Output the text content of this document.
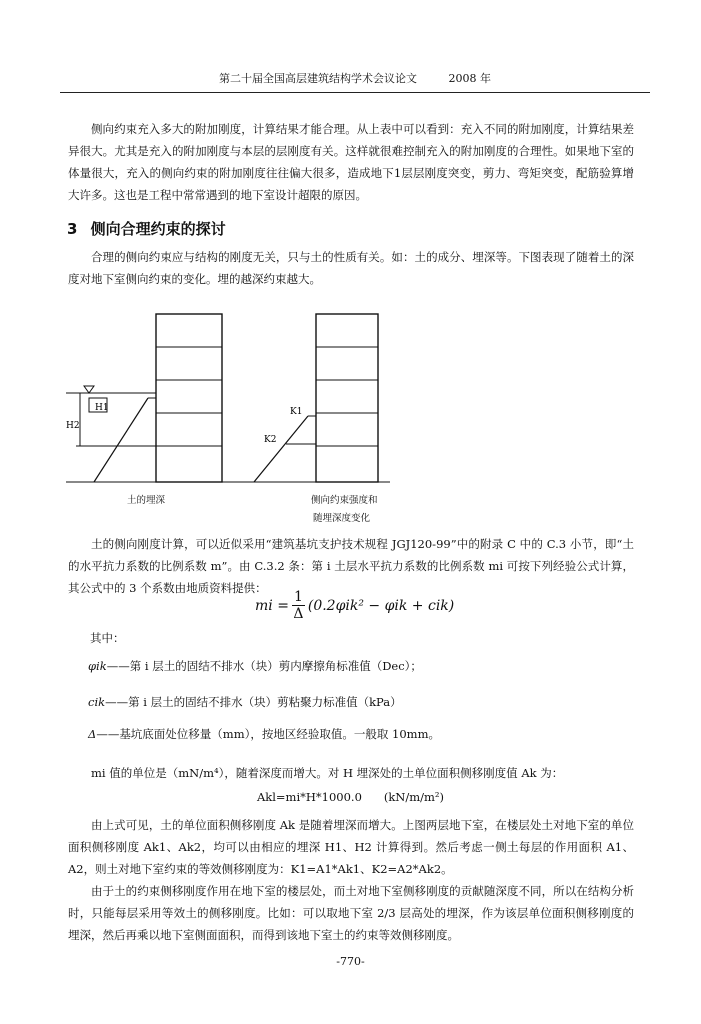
第二十届全国高层建筑结构学术会议论文	2008 年
侧向约束充入多大的附加刚度，计算结果才能合理。从上表中可以看到：充入不同的附加刚度，计算结果差异很大。尤其是充入的附加刚度与本层的层刚度有关。这样就很难控制充入的附加刚度的合理性。如果地下室的体量很大，充入的侧向约束的附加刚度往往偏大很多，造成地下1层层刚度突变，剪力、弯矩突变，配筋验算增大许多。这也是工程中常常遇到的地下室设计超限的原因。
3 侧向合理约束的探讨
合理的侧向约束应与结构的刚度无关，只与土的性质有关。如：土的成分、埋深等。下图表现了随着土的深度对地下室侧向约束的变化。埋的越深约束越大。
H1
H2
K1
K2
土的埋深	侧向约束强度和
随埋深度变化
土的侧向刚度计算，可以近似采用“建筑基坑支护技术规程 JGJ120-99”中的附录 C 中的 C.3 小节，即“土的水平抗力系数的比例系数 m”。由 C.3.2 条：第 i 土层水平抗力系数的比例系数 mi 可按下列经验公式计算，其公式中的 3 个系数由地质资料提供：
mi = $\frac{1}{\Delta} (0.2\varphi ik^2 - \varphi ik + cik)$
其中：
φik——第 i 层土的固结不排水（块）剪内摩擦角标准值（Dec）；
cik——第 i 层土的固结不排水（块）剪粘聚力标准值（kPa）
Δ——基坑底面处位移量（mm），按地区经验取值。一般取 10mm。
mi 值的单位是（mN/m⁴），随着深度而增大。对 H 埋深处的土单位面积侧移刚度值 Ak 为：
Akl=mi*H*1000.0      (kN/m/m²)
由上式可见，土的单位面积侧移刚度 Ak 是随着埋深而增大。上图两层地下室，在楼层处土对地下室的单位面积侧移刚度 Ak1、Ak2，均可以由相应的埋深 H1、H2 计算得到。然后考虑一侧土每层的作用面积 A1、A2，则土对地下室约束的等效侧移刚度为：K1=A1*Ak1、K2=A2*Ak2。
由于土的约束侧移刚度作用在地下室的楼层处，而土对地下室侧移刚度的贡献随深度不同，所以在结构分析时，只能每层采用等效土的侧移刚度。比如：可以取地下室 2/3 层高处的埋深，作为该层单位面积侧移刚度的埋深，然后再乘以地下室侧面面积，而得到该地下室土的约束等效侧移刚度。
-770-
